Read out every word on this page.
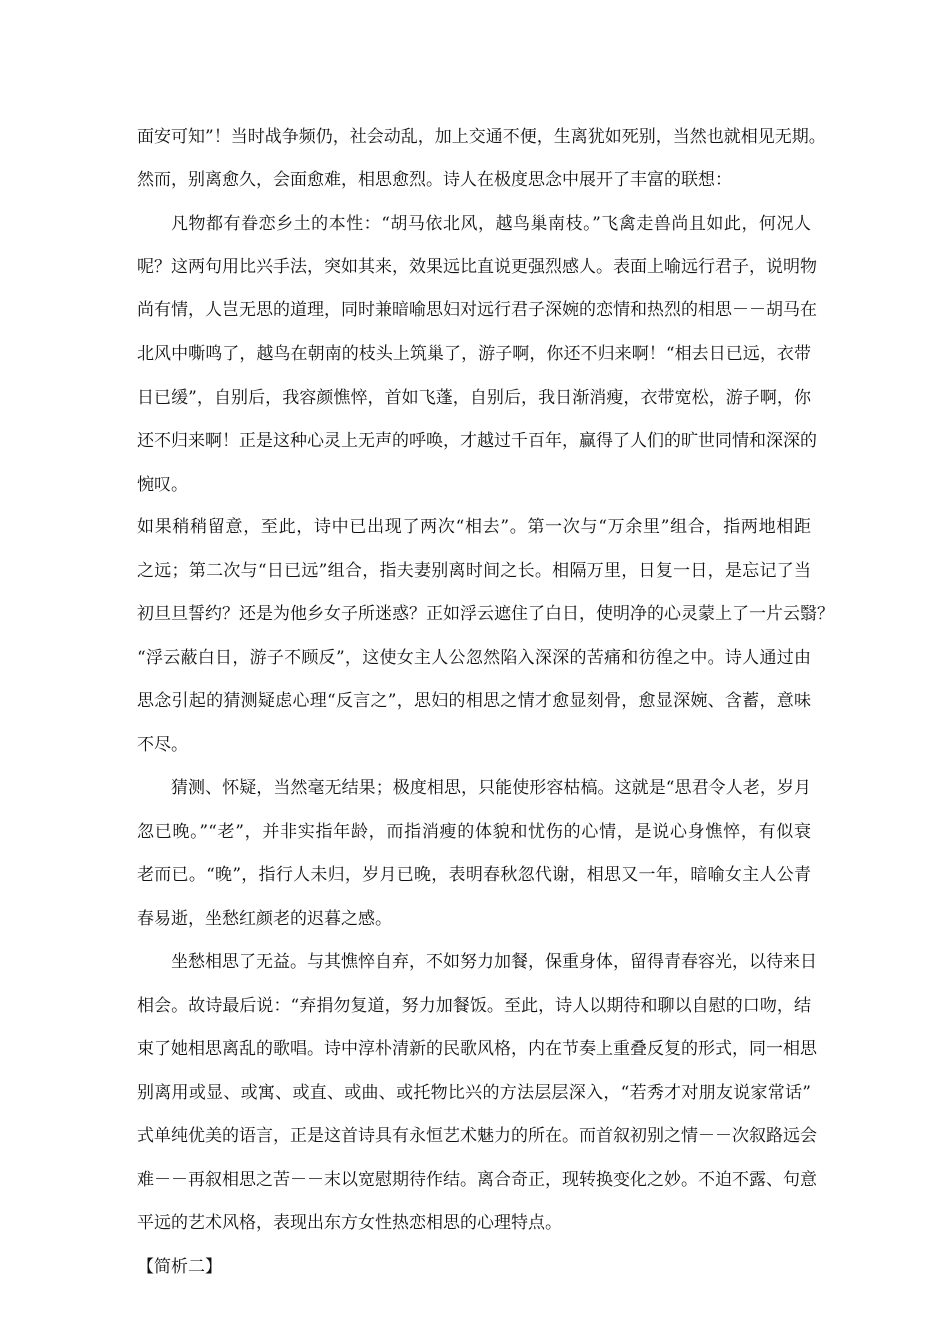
面安可知”！当时战争频仍，社会动乱，加上交通不便，生离犹如死别，当然也就相见无期。
然而，别离愈久，会面愈难，相思愈烈。诗人在极度思念中展开了丰富的联想：
凡物都有眷恋乡土的本性：“胡马依北风，越鸟巢南枝。”飞禽走兽尚且如此，何况人
呢？这两句用比兴手法，突如其来，效果远比直说更强烈感人。表面上喻远行君子，说明物
尚有情，人岂无思的道理，同时兼暗喻思妇对远行君子深婉的恋情和热烈的相思－－胡马在
北风中嘶鸣了，越鸟在朝南的枝头上筑巢了，游子啊，你还不归来啊！“相去日已远，衣带
日已缓”，自别后，我容颜憔悴，首如飞蓬，自别后，我日渐消瘦，衣带宽松，游子啊，你
还不归来啊！正是这种心灵上无声的呼唤，才越过千百年，赢得了人们的旷世同情和深深的
惋叹。
如果稍稍留意，至此，诗中已出现了两次“相去”。第一次与“万余里”组合，指两地相距
之远；第二次与“日已远”组合，指夫妻别离时间之长。相隔万里，日复一日，是忘记了当
初旦旦誓约？还是为他乡女子所迷惑？正如浮云遮住了白日，使明净的心灵蒙上了一片云翳？
“浮云蔽白日，游子不顾反”，这使女主人公忽然陷入深深的苦痛和彷徨之中。诗人通过由
思念引起的猜测疑虑心理“反言之”，思妇的相思之情才愈显刻骨，愈显深婉、含蓄，意味
不尽。
猜测、怀疑，当然毫无结果；极度相思，只能使形容枯槁。这就是“思君令人老，岁月
忽已晚。”“老”，并非实指年龄，而指消瘦的体貌和忧伤的心情，是说心身憔悴，有似衰
老而已。“晚”，指行人未归，岁月已晚，表明春秋忽代谢，相思又一年，暗喻女主人公青
春易逝，坐愁红颜老的迟暮之感。
坐愁相思了无益。与其憔悴自弃，不如努力加餐，保重身体，留得青春容光，以待来日
相会。故诗最后说：“弃捐勿复道，努力加餐饭。至此，诗人以期待和聊以自慰的口吻，结
束了她相思离乱的歌唱。诗中淳朴清新的民歌风格，内在节奏上重叠反复的形式，同一相思
别离用或显、或寓、或直、或曲、或托物比兴的方法层层深入，“若秀才对朋友说家常话”
式单纯优美的语言，正是这首诗具有永恒艺术魅力的所在。而首叙初别之情－－次叙路远会
难－－再叙相思之苦－－末以宽慰期待作结。离合奇正，现转换变化之妙。不迫不露、句意
平远的艺术风格，表现出东方女性热恋相思的心理特点。
【简析二】
